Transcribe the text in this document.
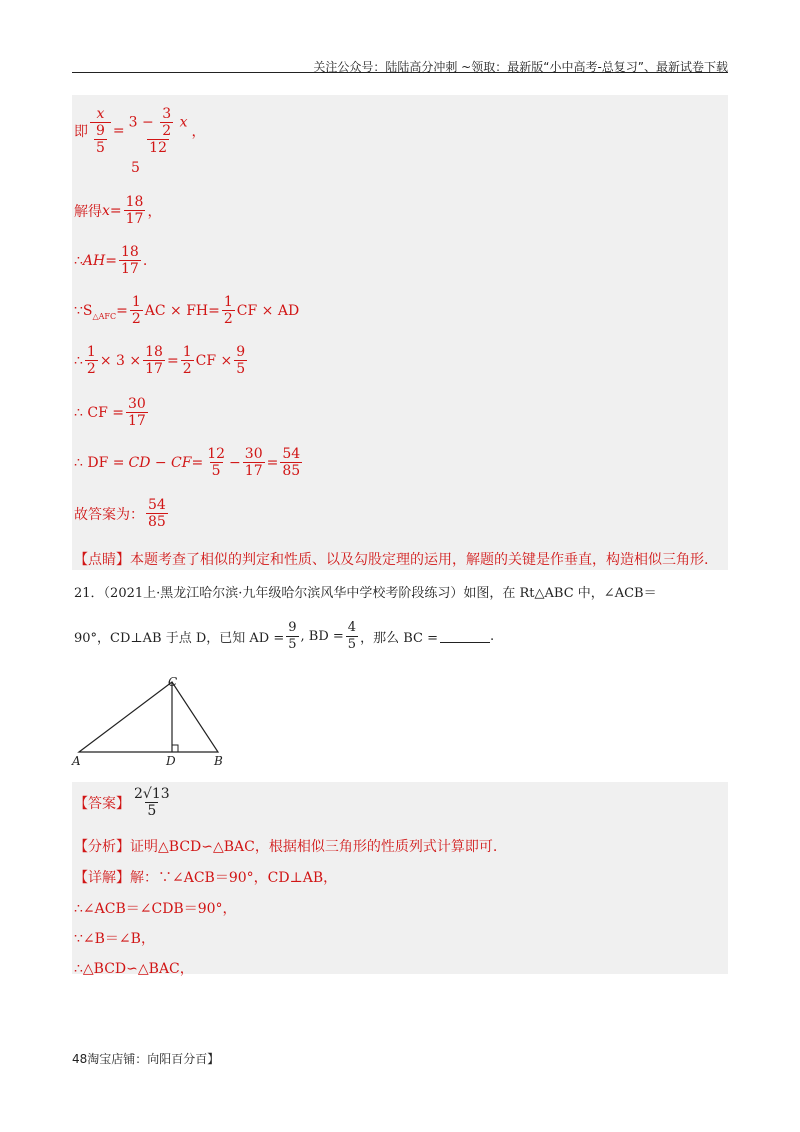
关注公众号：陆陆高分冲刺 ~领取：最新版“小中高考-总复习”、最新试卷下载
即 $\frac{x}{\frac{9}{5}} = \frac{3 - \frac{3}{2} x}{12}$ ，
5
解得 $x = \frac{18}{17}$ ，
∴ AH = $\frac{18}{17}$ .
∵S △AFC = $\frac{1}{2}$ AC × $FH= \frac{1}{2}$ CF × AD
∴ $\frac{1}{2} \times 3 \times \frac{18}{17} = \frac{1}{2}$ CF × $\frac{9}{5}$
∴ CF = $\frac{30}{17}$
∴ DF = CD − CF = $\frac{12}{5} - \frac{30}{17} = \frac{54}{85}$
故答案为： $\frac{54}{85}$
【点睛】本题考查了相似的判定和性质、以及勾股定理的运用，解题的关键是作垂直，构造相似三角形.
21．（2021上·黑龙江哈尔滨·九年级哈尔滨风华中学校考阶段练习）如图，在 Rt△ABC 中，∠ACB＝
90°，CD⊥AB 于点 D，已知 AD = $\frac{9}{5}$ , BD = $\frac{4}{5}$ ，那么 BC =	.
A
C
D	B
【答案】 $\frac{2√13}{5}$
【分析】证明△BCD∽△BAC，根据相似三角形的性质列式计算即可.
【详解】解：∵∠ACB＝90°，CD⊥AB，
∴∠ACB＝∠CDB＝90°，
∵∠B＝∠B，
∴△BCD∽△BAC，
48淘宝店铺：向阳百分百】
